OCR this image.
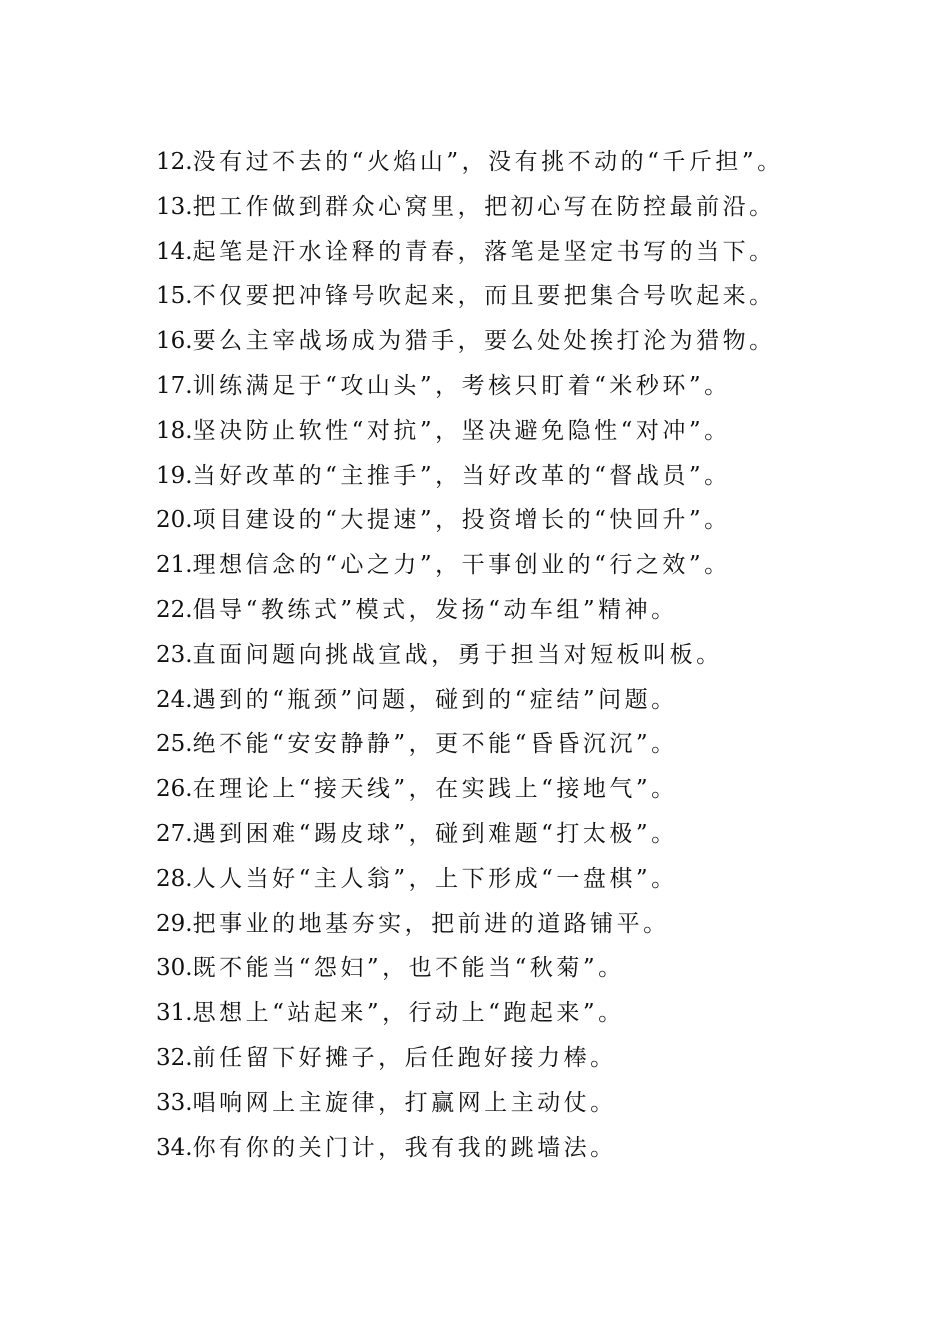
12.没有过不去的“火焰山”，没有挑不动的“千斤担”。
13.把工作做到群众心窝里，把初心写在防控最前沿。
14.起笔是汗水诠释的青春，落笔是坚定书写的当下。
15.不仅要把冲锋号吹起来，而且要把集合号吹起来。
16.要么主宰战场成为猎手，要么处处挨打沦为猎物。
17.训练满足于“攻山头”，考核只盯着“米秒环”。
18.坚决防止软性“对抗”，坚决避免隐性“对冲”。
19.当好改革的“主推手”，当好改革的“督战员”。
20.项目建设的“大提速”，投资增长的“快回升”。
21.理想信念的“心之力”，干事创业的“行之效”。
22.倡导“教练式”模式，发扬“动车组”精神。
23.直面问题向挑战宣战，勇于担当对短板叫板。
24.遇到的“瓶颈”问题，碰到的“症结”问题。
25.绝不能“安安静静”，更不能“昏昏沉沉”。
26.在理论上“接天线”，在实践上“接地气”。
27.遇到困难“踢皮球”，碰到难题“打太极”。
28.人人当好“主人翁”，上下形成“一盘棋”。
29.把事业的地基夯实，把前进的道路铺平。
30.既不能当“怨妇”，也不能当“秋菊”。
31.思想上“站起来”，行动上“跑起来”。
32.前任留下好摊子，后任跑好接力棒。
33.唱响网上主旋律，打赢网上主动仗。
34.你有你的关门计，我有我的跳墙法。
